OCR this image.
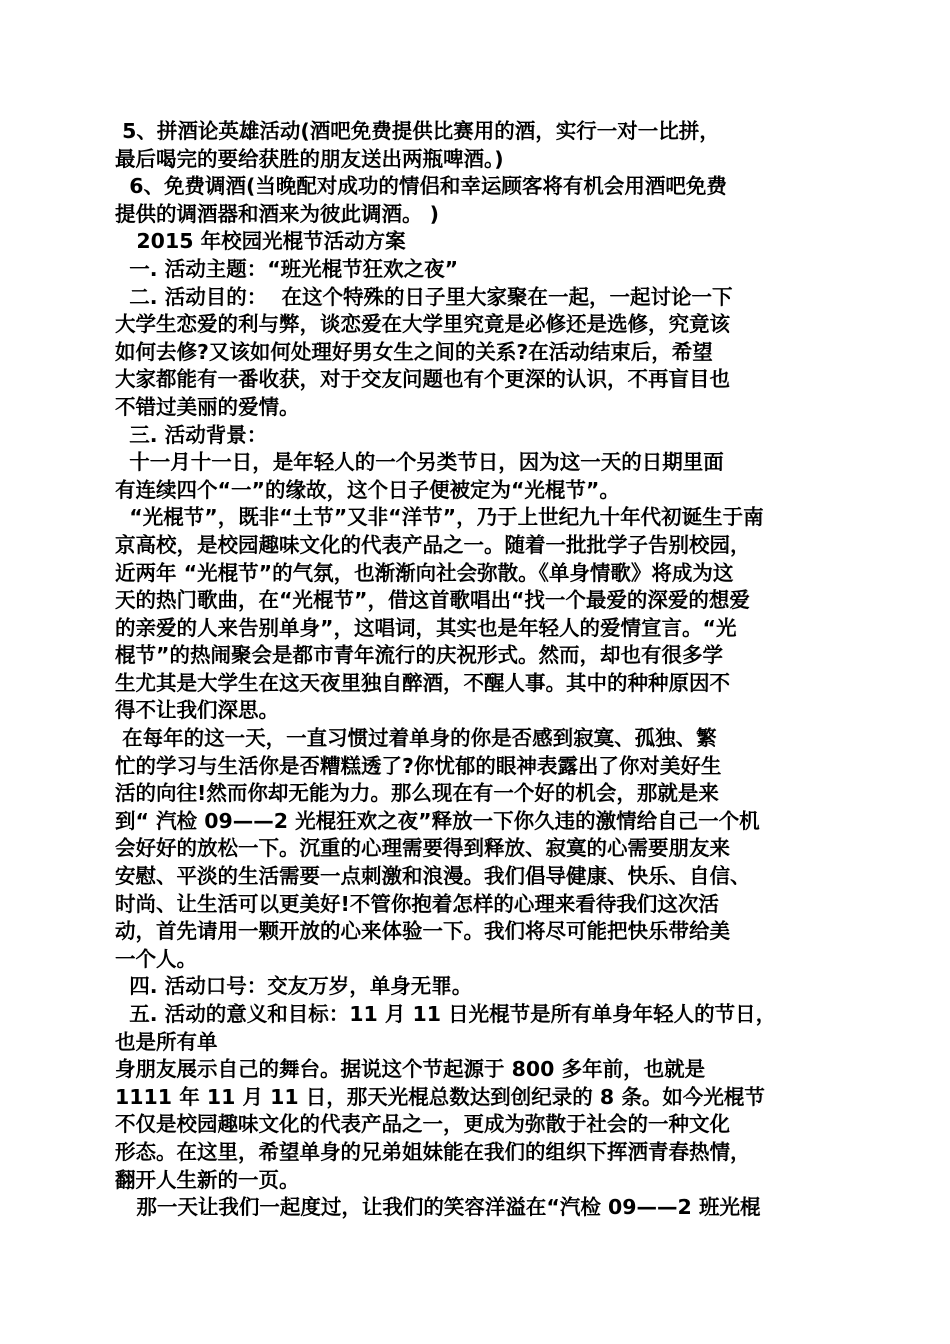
5、拼酒论英雄活动(酒吧免费提供比赛用的酒，实行一对一比拼，
最后喝完的要给获胜的朋友送出两瓶啤酒。)
6、免费调酒(当晚配对成功的情侣和幸运顾客将有机会用酒吧免费
提供的调酒器和酒来为彼此调酒。 )
2015 年校园光棍节活动方案
一. 活动主题：“班光棍节狂欢之夜”
二. 活动目的：  在这个特殊的日子里大家聚在一起，一起讨论一下
大学生恋爱的利与弊，谈恋爱在大学里究竟是必修还是选修，究竟该
如何去修?又该如何处理好男女生之间的关系?在活动结束后，希望
大家都能有一番收获，对于交友问题也有个更深的认识，不再盲目也
不错过美丽的爱情。
三. 活动背景：
十一月十一日，是年轻人的一个另类节日，因为这一天的日期里面
有连续四个“一”的缘故，这个日子便被定为“光棍节”。
“光棍节”，既非“土节”又非“洋节”，乃于上世纪九十年代初诞生于南
京高校，是校园趣味文化的代表产品之一。随着一批批学子告别校园，
近两年 “光棍节”的气氛，也渐渐向社会弥散。《单身情歌》将成为这
天的热门歌曲，在“光棍节”，借这首歌唱出“找一个最爱的深爱的想爱
的亲爱的人来告别单身”，这唱词，其实也是年轻人的爱情宣言。“光
棍节”的热闹聚会是都市青年流行的庆祝形式。然而，却也有很多学
生尤其是大学生在这天夜里独自醉酒，不醒人事。其中的种种原因不
得不让我们深思。
在每年的这一天，一直习惯过着单身的你是否感到寂寞、孤独、繁
忙的学习与生活你是否糟糕透了?你忧郁的眼神表露出了你对美好生
活的向往!然而你却无能为力。那么现在有一个好的机会，那就是来
到“ 汽检 09——2 光棍狂欢之夜”释放一下你久违的激情给自己一个机
会好好的放松一下。沉重的心理需要得到释放、寂寞的心需要朋友来
安慰、平淡的生活需要一点刺激和浪漫。我们倡导健康、快乐、自信、
时尚、让生活可以更美好!不管你抱着怎样的心理来看待我们这次活
动，首先请用一颗开放的心来体验一下。我们将尽可能把快乐带给美
一个人。
四. 活动口号：交友万岁，单身无罪。
五. 活动的意义和目标：11 月 11 日光棍节是所有单身年轻人的节日，
也是所有单
身朋友展示自己的舞台。据说这个节起源于 800 多年前，也就是
1111 年 11 月 11 日，那天光棍总数达到创纪录的 8 条。如今光棍节
不仅是校园趣味文化的代表产品之一，更成为弥散于社会的一种文化
形态。在这里，希望单身的兄弟姐妹能在我们的组织下挥洒青春热情，
翻开人生新的一页。
那一天让我们一起度过，让我们的笑容洋溢在“汽检 09——2 班光棍
